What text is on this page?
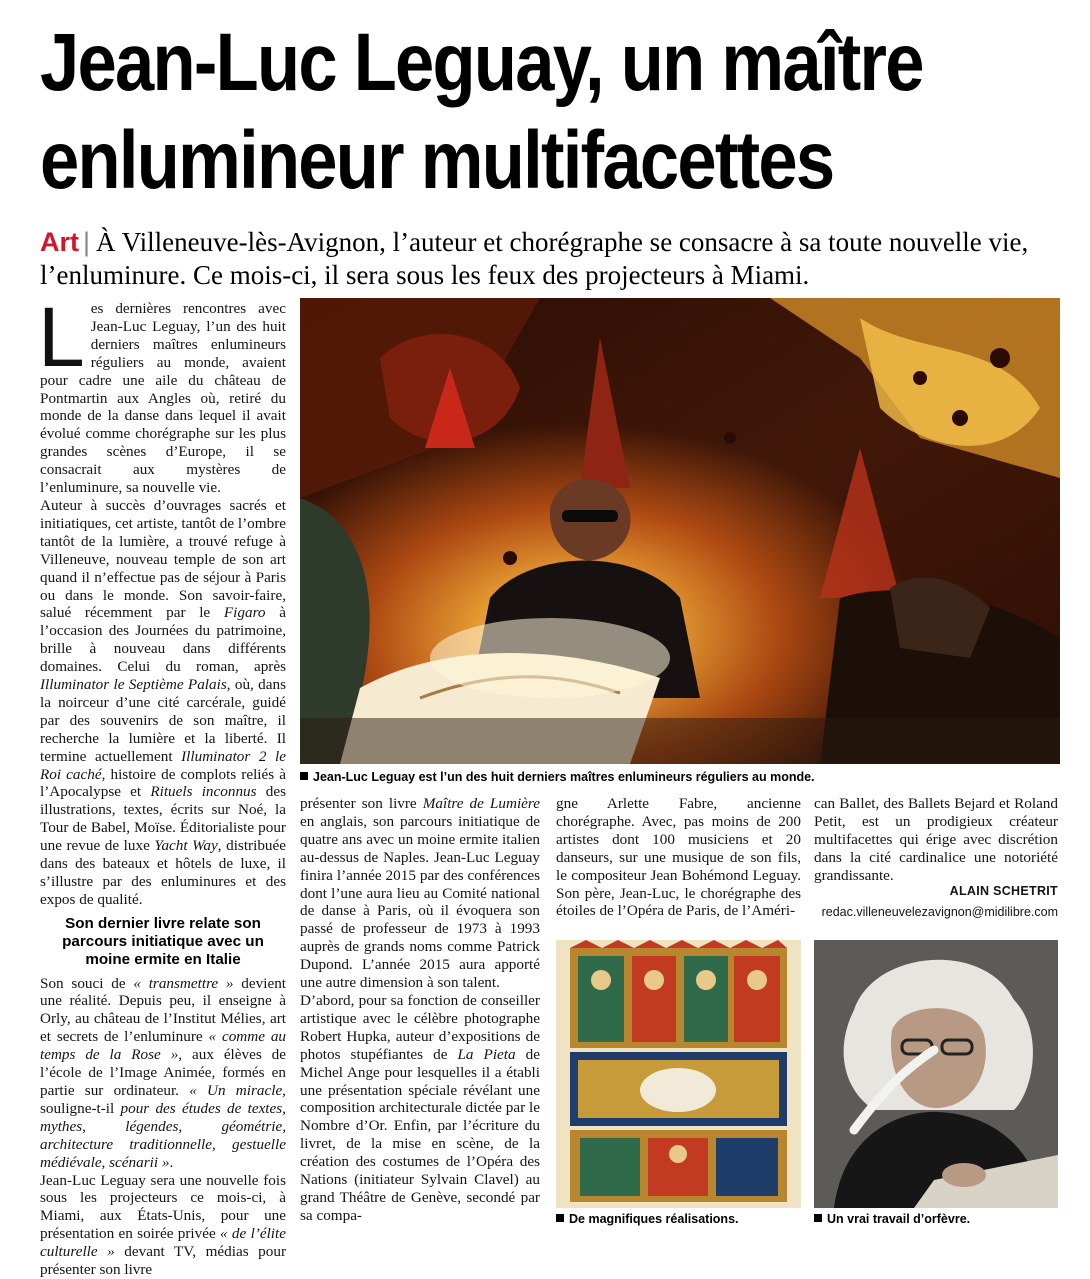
Jean-Luc Leguay, un maître
enlumineur multifacettes
Art | À Villeneuve-lès-Avignon, l’auteur et chorégraphe se consacre à sa toute nouvelle vie, l’enluminure. Ce mois-ci, il sera sous les feux des projecteurs à Miami.

Les dernières rencontres avec Jean-Luc Leguay, l’un des huit derniers maîtres enlumineurs réguliers au monde, avaient pour cadre une aile du château de Pontmartin aux Angles où, retiré du monde de la danse dans lequel il avait évolué comme chorégraphe sur les plus grandes scènes d’Europe, il se consacrait aux mystères de l’enluminure, sa nouvelle vie.

Auteur à succès d’ouvrages sacrés et initiatiques, cet artiste, tantôt de l’ombre tantôt de la lumière, a trouvé refuge à Villeneuve, nouveau temple de son art quand il n’effectue pas de séjour à Paris ou dans le monde. Son savoir-faire, salué récemment par le Figaro à l’occasion des Journées du patrimoine, brille à nouveau dans différents domaines. Celui du roman, après Illuminator le Septième Palais, où, dans la noirceur d’une cité carcérale, guidé par des souvenirs de son maître, il recherche la lumière et la liberté. Il termine actuellement Illuminator 2 le Roi caché, histoire de complots reliés à l’Apocalypse et Rituels inconnus des illustrations, textes, écrits sur Noé, la Tour de Babel, Moïse. Éditorialiste pour une revue de luxe Yacht Way, distribuée dans des bateaux et hôtels de luxe, il s’illustre par des enluminures et des expos de qualité.

Son dernier livre relate son parcours initiatique avec un moine ermite en Italie

Son souci de « transmettre » devient une réalité. Depuis peu, il enseigne à Orly, au château de l’Institut Mélies, art et secrets de l’enluminure « comme au temps de la Rose », aux élèves de l’école de l’Image Animée, formés en partie sur ordinateur. « Un miracle, souligne-t-il pour des études de textes, mythes, légendes, géométrie, architecture traditionnelle, gestuelle médiévale, scénarii ».

Jean-Luc Leguay sera une nouvelle fois sous les projecteurs ce mois-ci, à Miami, aux États-Unis, pour une présentation en soirée privée « de l’élite culturelle » devant TV, médias pour présenter son livre

présenter son livre Maître de Lumière en anglais, son parcours initiatique de quatre ans avec un moine ermite italien au-dessus de Naples. Jean-Luc Leguay finira l’année 2015 par des conférences dont l’une aura lieu au Comité national de danse à Paris, où il évoquera son passé de professeur de 1973 à 1993 auprès de grands noms comme Patrick Dupond. L’année 2015 aura apporté une autre dimension à son talent.

D’abord, pour sa fonction de conseiller artistique avec le célèbre photographe Robert Hupka, auteur d’expositions de photos stupéfiantes de La Pieta de Michel Ange pour lesquelles il a établi une présentation spéciale révélant une composition architecturale dictée par le Nombre d’Or. Enfin, par l’écriture du livret, de la mise en scène, de la création des costumes de l’Opéra des Nations (initiateur Sylvain Clavel) au grand Théâtre de Genève, secondé par sa compa-

gne Arlette Fabre, ancienne chorégraphe. Avec, pas moins de 200 artistes dont 100 musiciens et 20 danseurs, sur une musique de son fils, le compositeur Jean Bohémond Leguay. Son père, Jean-Luc, le chorégraphe des étoiles de l’Opéra de Paris, de l’Améri-

can Ballet, des Ballets Bejard et Roland Petit, est un prodigieux créateur multifacettes qui érige avec discrétion dans la cité cardinalice une notoriété grandissante.

ALAIN SCHETRIT
redac.villeneuvelezavignon@midilibre.com
Jean-Luc Leguay est l’un des huit derniers maîtres enlumineurs réguliers au monde.
De magnifiques réalisations.	Un vrai travail d’orfèvre.
